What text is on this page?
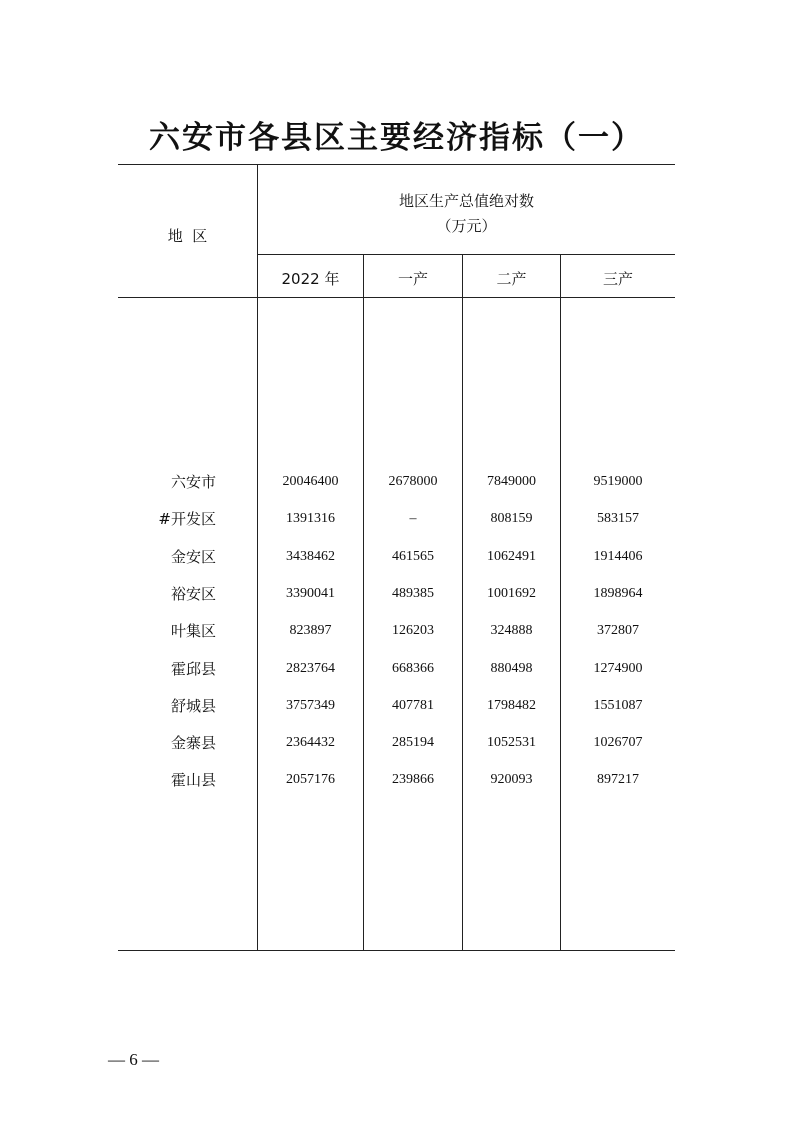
六安市各县区主要经济指标（一）
地  区
地区生产总值绝对数
（万元）
2022 年	一产	二产	三产
六安市	20046400	2678000	7849000	9519000
#开发区	1391316	–	808159	583157
金安区	3438462	461565	1062491	1914406
裕安区	3390041	489385	1001692	1898964
叶集区	823897	126203	324888	372807
霍邱县	2823764	668366	880498	1274900
舒城县	3757349	407781	1798482	1551087
金寨县	2364432	285194	1052531	1026707
霍山县	2057176	239866	920093	897217
— 6 —
